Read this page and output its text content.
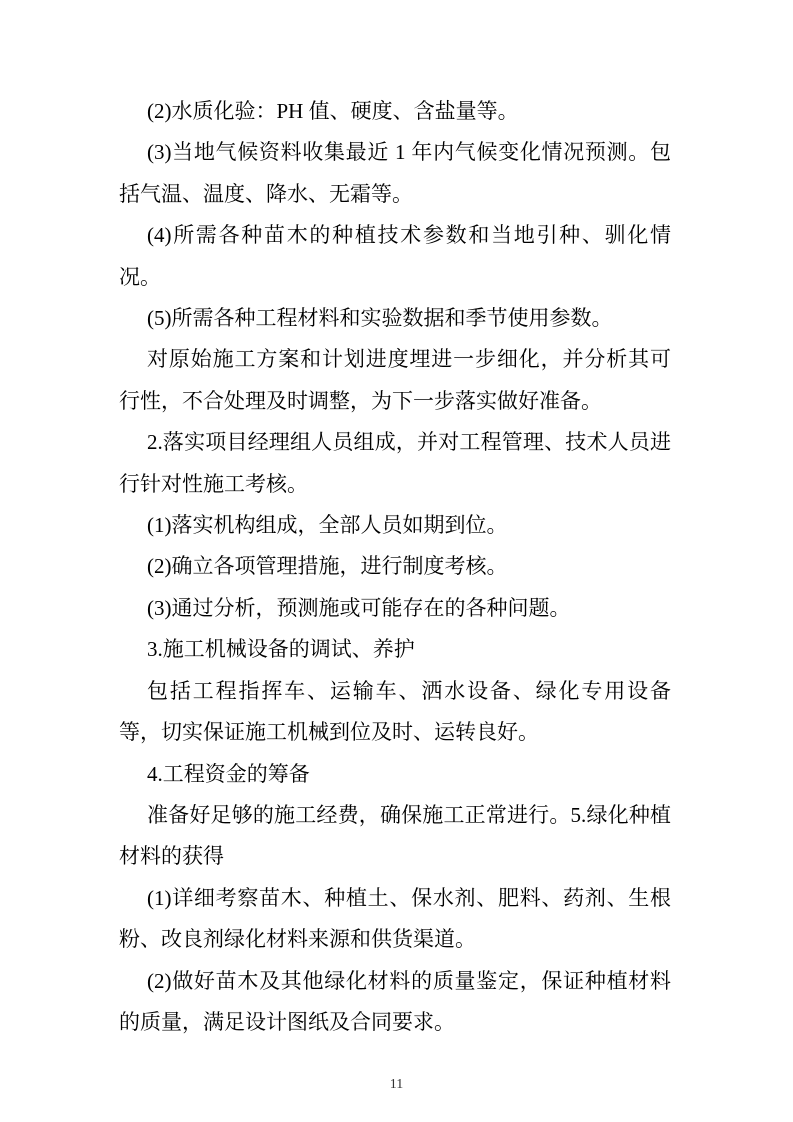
(2)水质化验：PH 值、硬度、含盐量等。

(3)当地气候资料收集最近 1 年内气候变化情况预测。包括气温、温度、降水、无霜等。

(4)所需各种苗木的种植技术参数和当地引种、驯化情况。

(5)所需各种工程材料和实验数据和季节使用参数。

对原始施工方案和计划进度埋进一步细化，并分析其可行性，不合处理及时调整，为下一步落实做好准备。

2.落实项目经理组人员组成，并对工程管理、技术人员进行针对性施工考核。

(1)落实机构组成，全部人员如期到位。

(2)确立各项管理措施，进行制度考核。

(3)通过分析，预测施或可能存在的各种问题。

3.施工机械设备的调试、养护

包括工程指挥车、运输车、洒水设备、绿化专用设备等，切实保证施工机械到位及时、运转良好。

4.工程资金的筹备

准备好足够的施工经费，确保施工正常进行。5.绿化种植材料的获得

(1)详细考察苗木、种植土、保水剂、肥料、药剂、生根粉、改良剂绿化材料来源和供货渠道。

(2)做好苗木及其他绿化材料的质量鉴定，保证种植材料的质量，满足设计图纸及合同要求。

11
